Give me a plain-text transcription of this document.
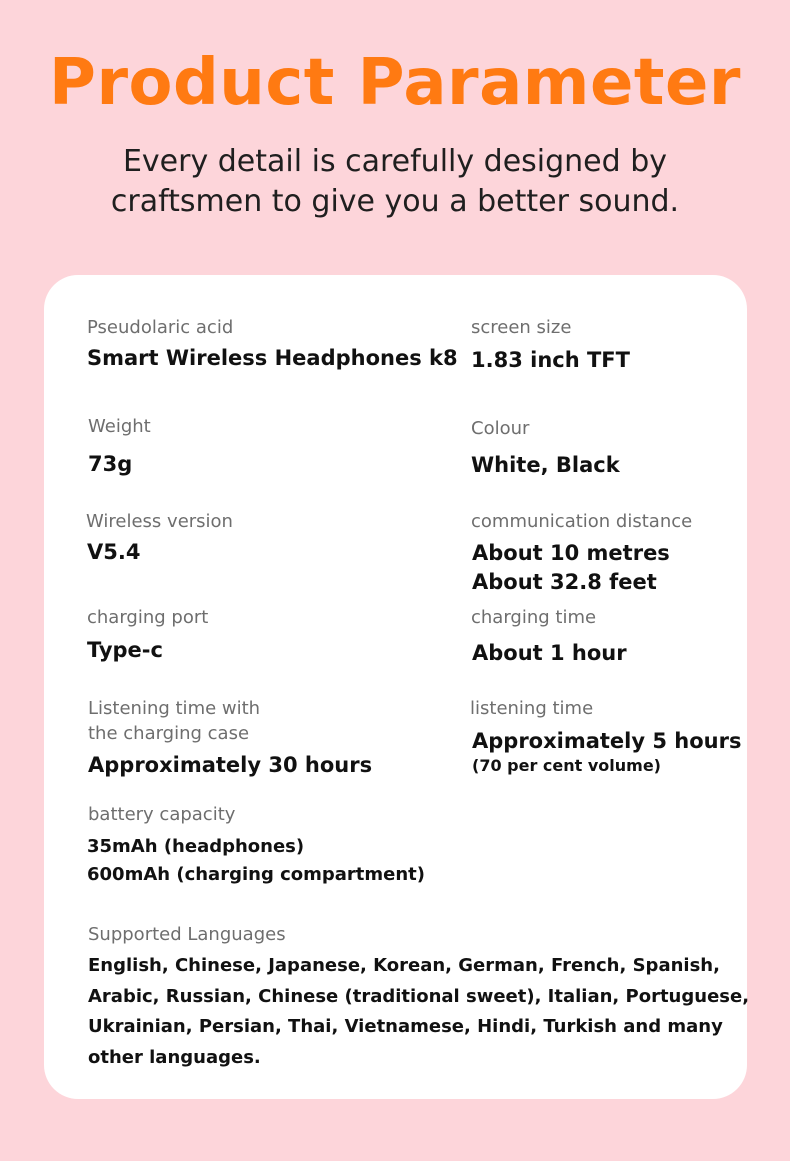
Product Parameter
Every detail is carefully designed by
craftsmen to give you a better sound.
Pseudolaric acid
Smart Wireless Headphones k8
screen size
1.83 inch TFT
Weight
73g
Colour
White, Black
Wireless version
V5.4
communication distance
About 10 metres
About 32.8 feet
charging port
Type-c
charging time
About 1 hour
Listening time with
the charging case
Approximately 30 hours
listening time
Approximately 5 hours
(70 per cent volume)
battery capacity
35mAh (headphones)
600mAh (charging compartment)
Supported Languages
English, Chinese, Japanese, Korean, German, French, Spanish,
Arabic, Russian, Chinese (traditional sweet), Italian, Portuguese,
Ukrainian, Persian, Thai, Vietnamese, Hindi, Turkish and many
other languages.
